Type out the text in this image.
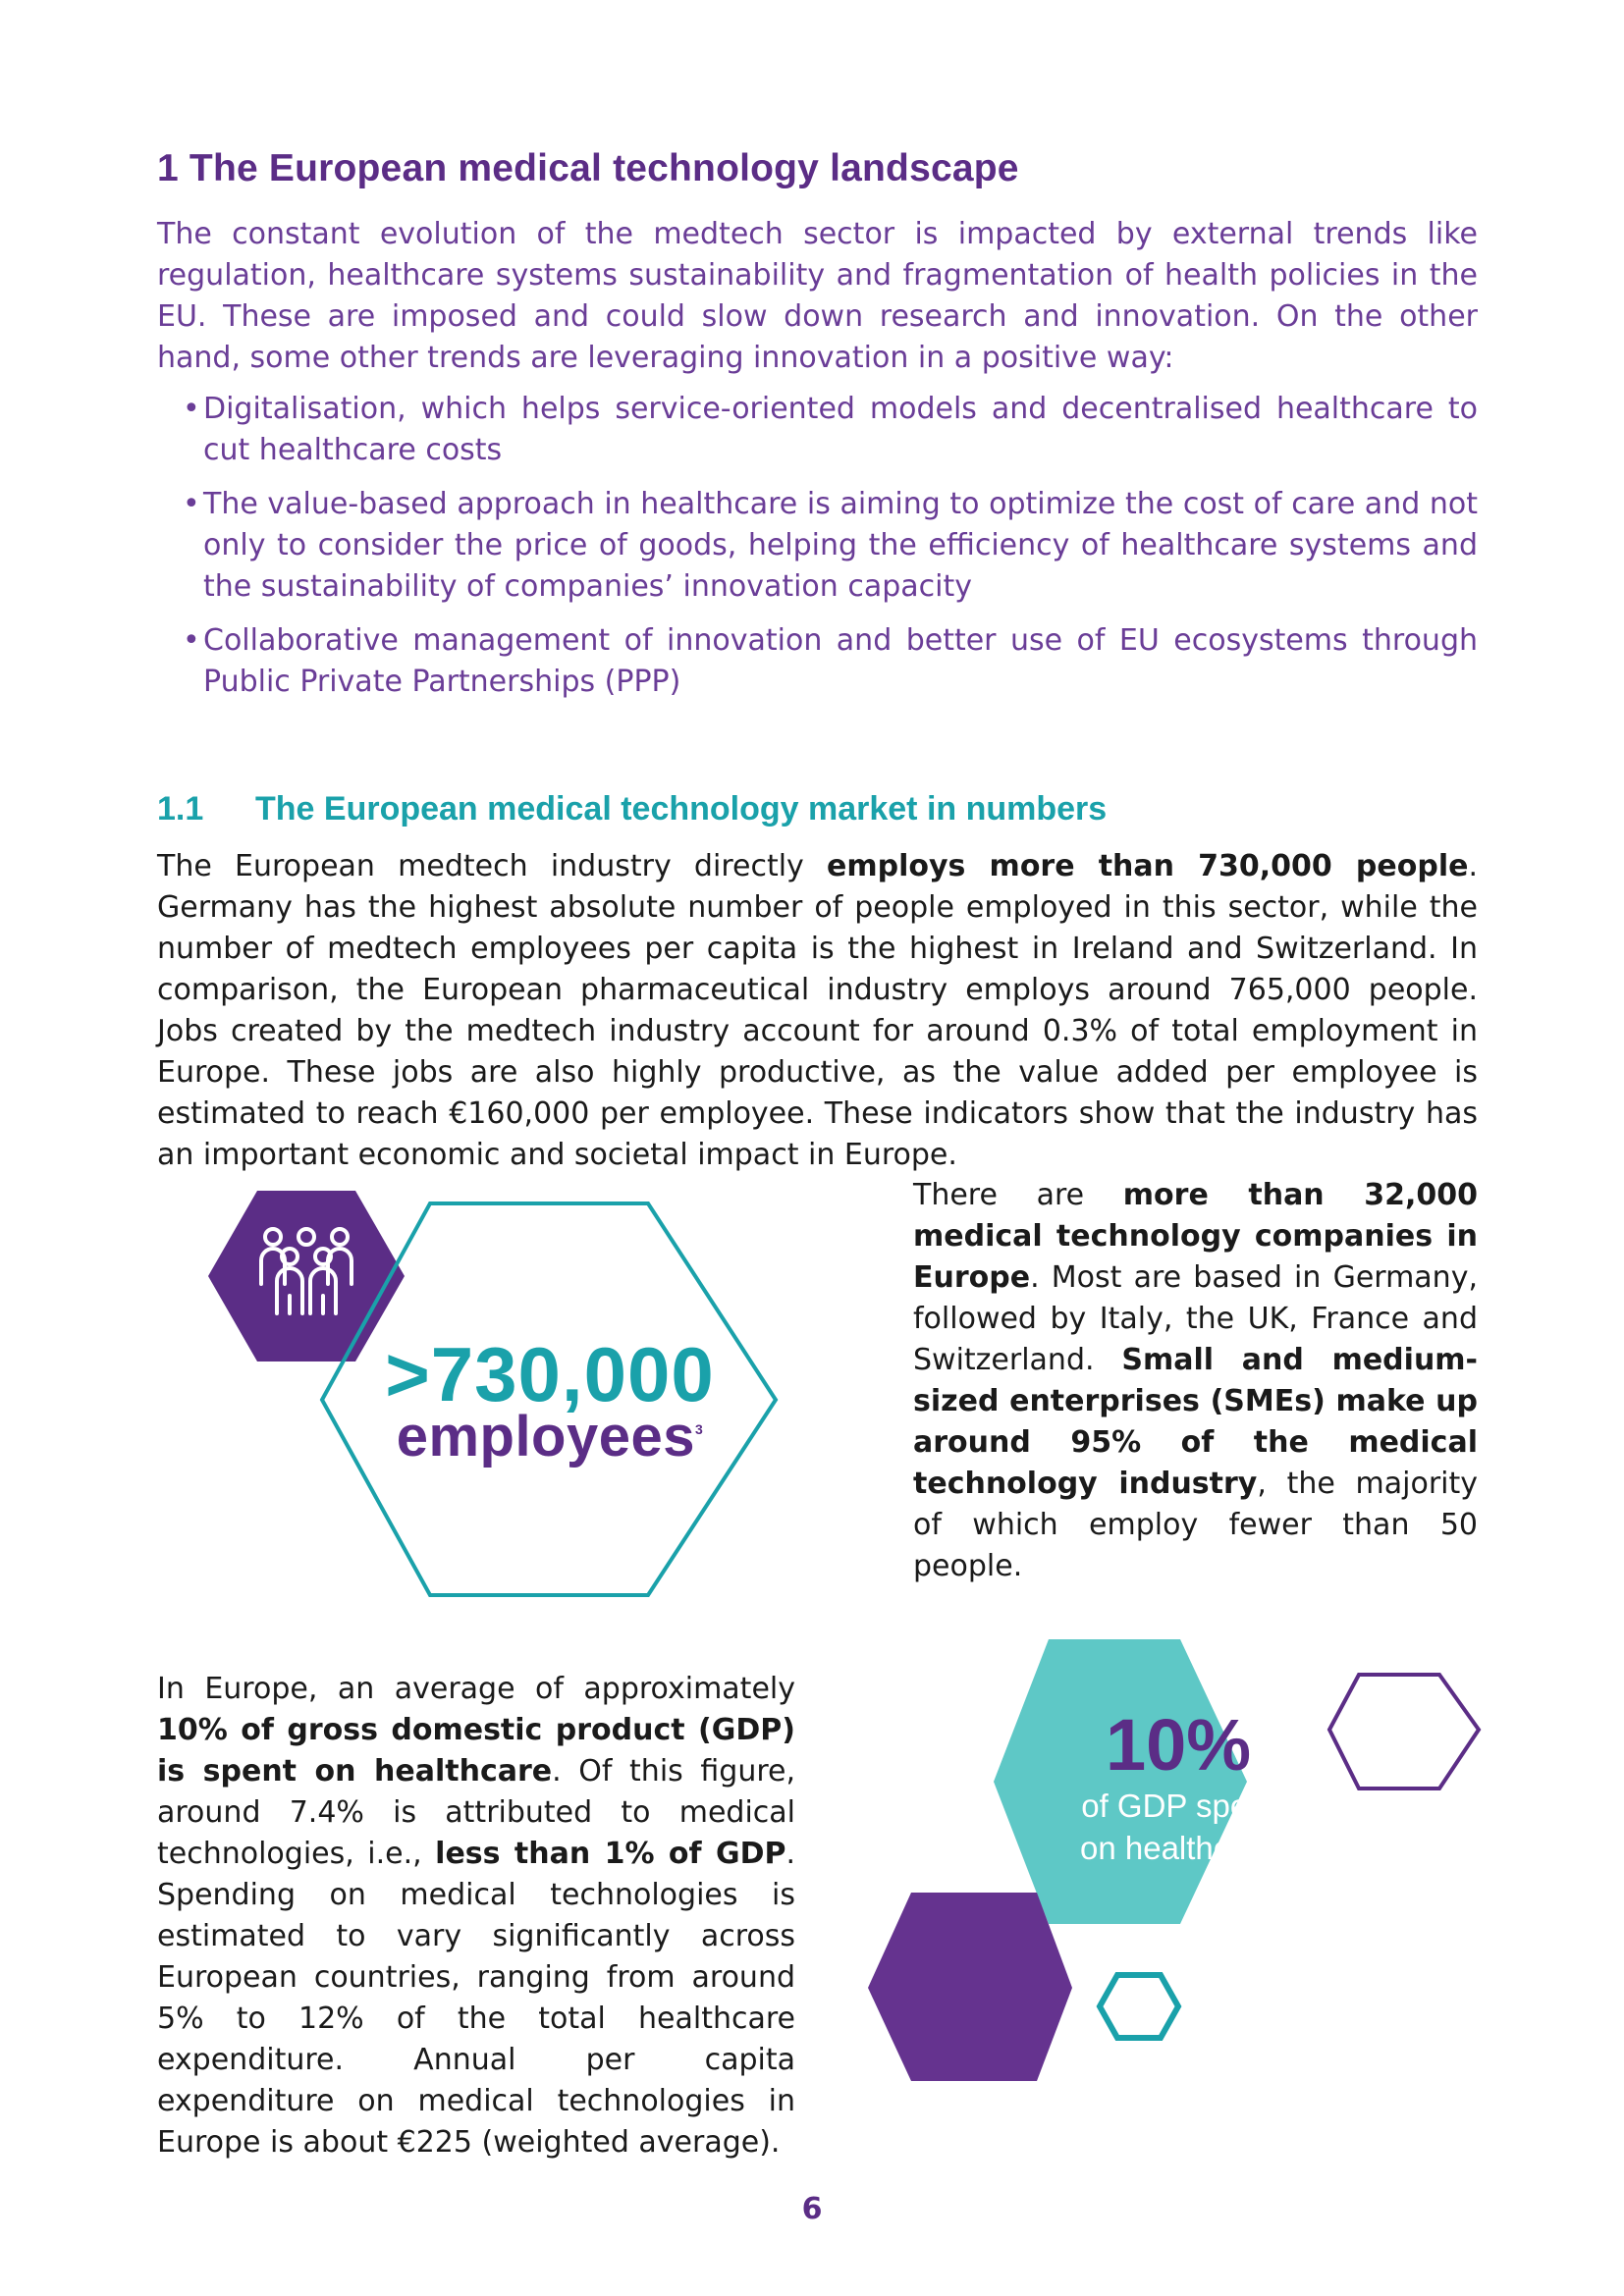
1 The European medical technology landscape

The constant evolution of the medtech sector is impacted by external trends like regulation, healthcare systems sustainability and fragmentation of health policies in the EU. These are imposed and could slow down research and innovation. On the other hand, some other trends are leveraging innovation in a positive way:

• Digitalisation, which helps service-oriented models and decentralised healthcare to cut healthcare costs
• The value-based approach in healthcare is aiming to optimize the cost of care and not only to consider the price of goods, helping the efficiency of healthcare systems and the sustainability of companies’ innovation capacity
• Collaborative management of innovation and better use of EU ecosystems through Public Private Partnerships (PPP)
1.1 The European medical technology market in numbers

The European medtech industry directly employs more than 730,000 people. Germany has the highest absolute number of people employed in this sector, while the number of medtech employees per capita is the highest in Ireland and Switzerland. In comparison, the European pharmaceutical industry employs around 765,000 people. Jobs created by the medtech industry account for around 0.3% of total employment in Europe. These jobs are also highly productive, as the value added per employee is estimated to reach €160,000 per employee. These indicators show that the industry has an important economic and societal impact in Europe.

>730,000
employees$^3$

There are more than 32,000 medical technology companies in Europe. Most are based in Germany, followed by Italy, the UK, France and Switzerland. Small and medium-sized enterprises (SMEs) make up around 95% of the medical technology industry, the majority of which employ fewer than 50 people.

In Europe, an average of approximately 10% of gross domestic product (GDP) is spent on healthcare. Of this figure, around 7.4% is attributed to medical technologies, i.e., less than 1% of GDP. Spending on medical technologies is estimated to vary significantly across European countries, ranging from around 5% to 12% of the total healthcare expenditure. Annual per capita expenditure on medical technologies in Europe is about €225 (weighted average).

10%
of GDP spent
on healthcare
6
